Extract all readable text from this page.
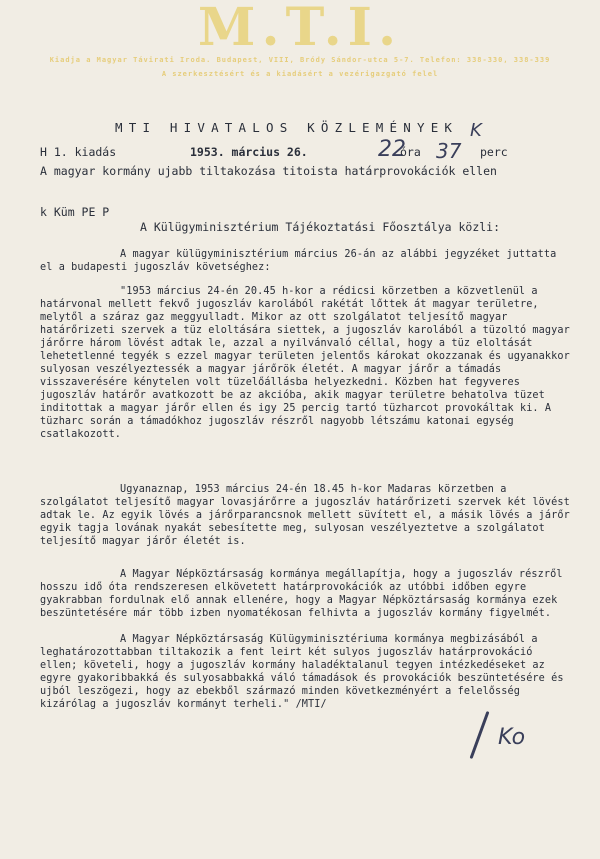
M.T.I.
Kiadja a Magyar Távirati Iroda. Budapest, VIII, Bródy Sándor-utca 5-7. Telefon: 338-330, 338-339
A szerkesztésért és a kiadásért a vezérigazgató felel
MTI HIVATALOS KÖZLEMÉNYEK K
H 1. kiadás	1953. március 26.	22
óra 37 perc
A magyar kormány ujabb tiltakozása titoista határprovokációk ellen
k Küm PE P
A Külügyminisztérium Tájékoztatási Főosztálya közli:
A magyar külügyminisztérium március 26-án az alábbi jegyzéket juttatta el a budapesti jugoszláv követséghez:
"1953 március 24-én 20.45 h-kor a rédicsi körzetben a közvetlenül a határvonal mellett fekvő jugoszláv karolából rakétát lőttek át magyar területre, melytől a száraz gaz meggyulladt. Mikor az ott szolgálatot teljesítő magyar határőrizeti szervek a tüz eloltására siettek, a jugoszláv karolából a tüzoltó magyar járőrre három lövést adtak le, azzal a nyilvánvaló céllal, hogy a tüz eloltását lehetetlenné tegyék s ezzel magyar területen jelentős károkat okozzanak és ugyanakkor sulyosan veszélyeztessék a magyar járőrök életét. A magyar járőr a támadás visszaverésére kénytelen volt tüzelőállásba helyezkedni. Közben hat fegyveres jugoszláv határőr avatkozott be az akcióba, akik magyar területre behatolva tüzet inditottak a magyar járőr ellen és igy 25 percig tartó tüzharcot provokáltak ki. A tüzharc során a támadókhoz jugoszláv részről nagyobb létszámu katonai egység csatlakozott.
Ugyanaznap, 1953 március 24-én 18.45 h-kor Madaras körzetben a szolgálatot teljesítő magyar lovasjárőrre a jugoszláv határőrizeti szervek két lövést adtak le. Az egyik lövés a járőrparancsnok mellett süvített el, a másik lövés a járőr egyik tagja lovának nyakát sebesítette meg, sulyosan veszélyeztetve a szolgálatot teljesítő magyar járőr életét is.
A Magyar Népköztársaság kormánya megállapítja, hogy a jugoszláv részről hosszu idő óta rendszeresen elkövetett határprovokációk az utóbbi időben egyre gyakrabban fordulnak elő annak ellenére, hogy a Magyar Népköztársaság kormánya ezek beszüntetésére már több izben nyomatékosan felhivta a jugoszláv kormány figyelmét.
A Magyar Népköztársaság Külügyminisztériuma kormánya megbizásából a leghatározottabban tiltakozik a fent leirt két sulyos jugoszláv határprovokáció ellen; követeli, hogy a jugoszláv kormány haladéktalanul tegyen intézkedéseket az egyre gyakoribbakká és sulyosabbakká váló támadások és provokációk beszüntetésére és ujból leszögezi, hogy az ebekből származó minden következményért a felelősség kizárólag a jugoszláv kormányt terheli." /MTI/
Ko
